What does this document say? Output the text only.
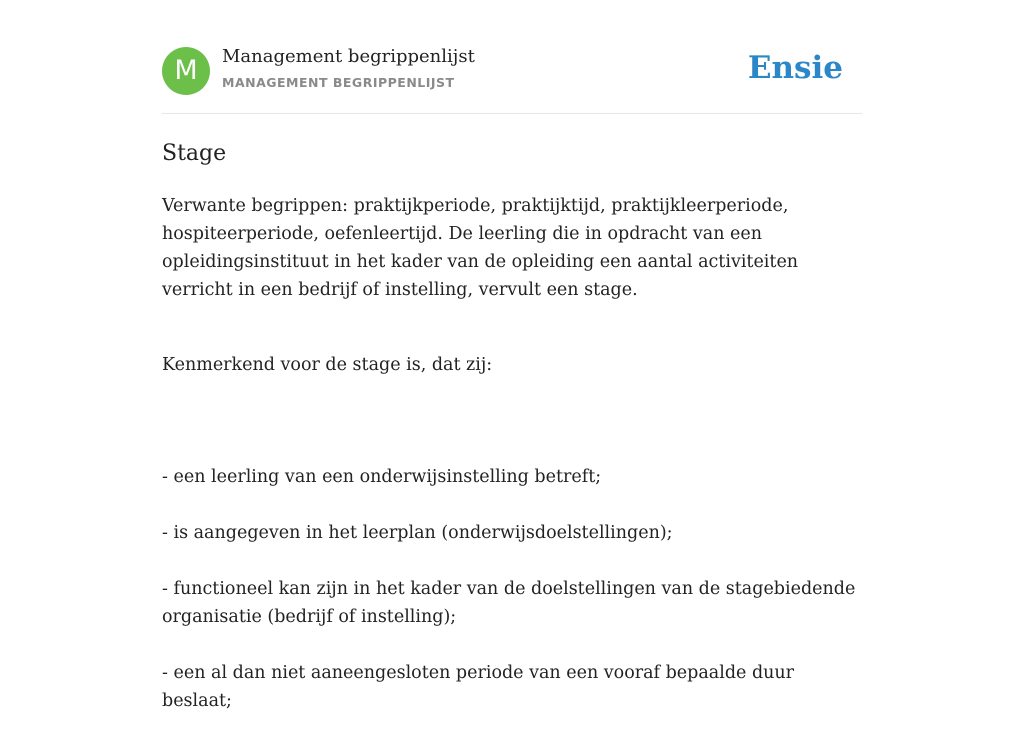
M	Management begrippenlijst
MANAGEMENT BEGRIPPENLIJST	Ensie
Stage

Verwante begrippen: praktijkperiode, praktijktijd, praktijkleerperiode, hospiteerperiode, oefenleertijd. De leerling die in opdracht van een opleidingsinstituut in het kader van de opleiding een aantal activiteiten verricht in een bedrijf of instelling, vervult een stage.

Kenmerkend voor de stage is, dat zij:

- een leerling van een onderwijsinstelling betreft;

- is aangegeven in het leerplan (onderwijsdoelstellingen);

- functioneel kan zijn in het kader van de doelstellingen van de stagebiedende organisatie (bedrijf of instelling);

- een al dan niet aaneengesloten periode van een vooraf bepaalde duur beslaat;
